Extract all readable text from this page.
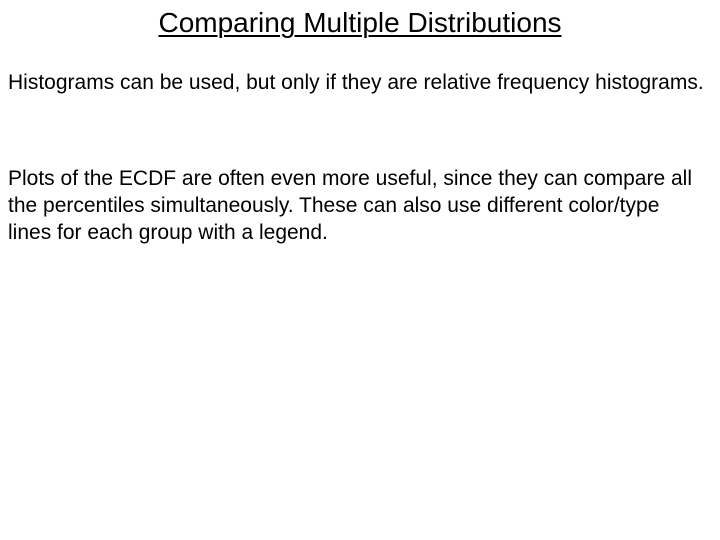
Comparing Multiple Distributions

Histograms can be used, but only if they are relative frequency histograms.

Plots of the ECDF are often even more useful, since they can compare all the percentiles simultaneously. These can also use different color/type lines for each group with a legend.
